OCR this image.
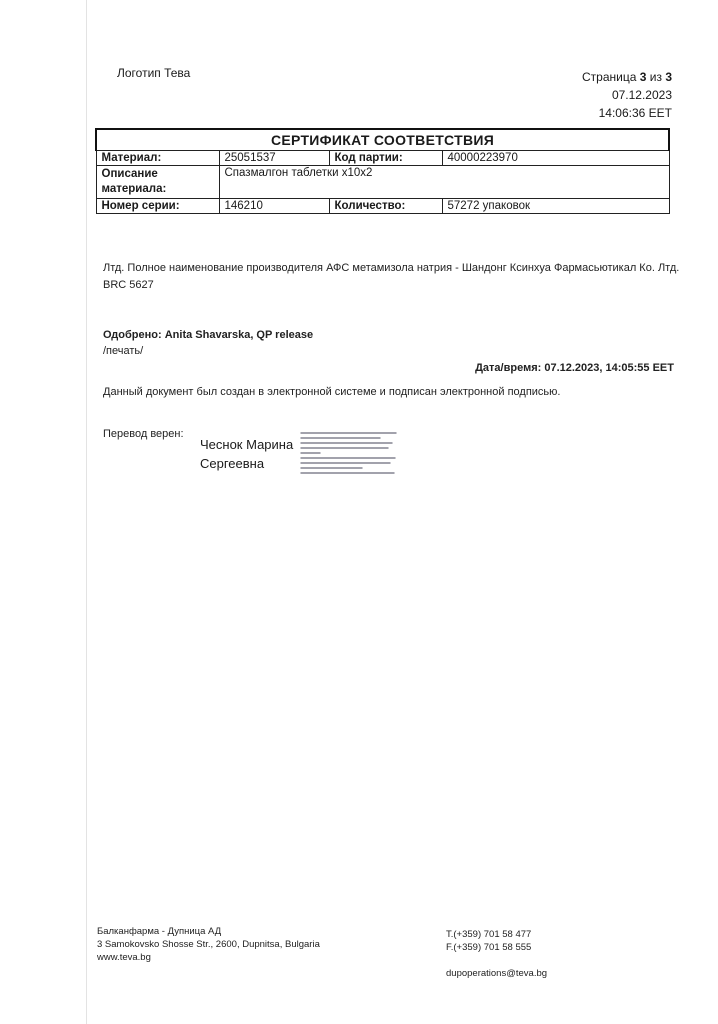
Логотип Тева	Страница 3 из 3
07.12.2023
14:06:36 EET
СЕРТИФИКАТ СООТВЕТСТВИЯ			
Материал:	25051537	Код партии:	40000223970
Описание материала:	Спазмалгон таблетки x10x2		
Номер серии:	146210	Количество:	57272 упаковок
Лтд. Полное наименование производителя АФС метамизола натрия - Шандонг Ксинхуа Фармасьютикал Ко. Лтд.
BRC 5627
Одобрено: Anita Shavarska, QP release
/печать/
Дата/время: 07.12.2023, 14:05:55 EET
Данный документ был создан в электронной системе и подписан электронной подписью.
Перевод верен:
Чеснок Марина
Сергеевна
Балканфарма - Дупница АД
3 Samokovsko Shosse Str., 2600, Dupnitsa, Bulgaria
www.teva.bg
T.(+359) 701 58 477
F.(+359) 701 58 555
dupoperations@teva.bg
